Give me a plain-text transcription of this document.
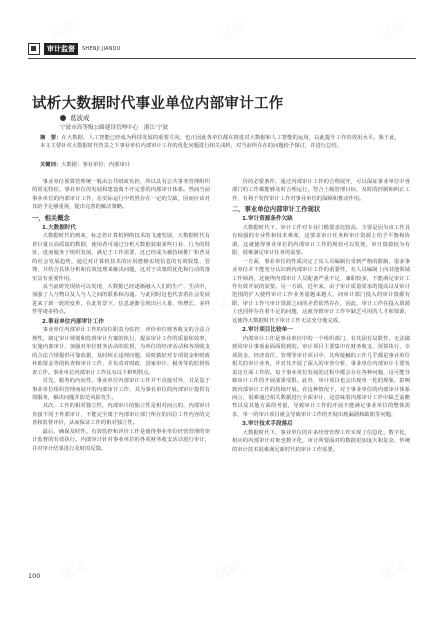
试读	试读	试读
试读	试读	试读
试读	试读	试读
审计监督	SHENJI JIANDU
试析大数据时代事业单位内部审计工作
葛波成
宁波市高等级公路建设管理中心　浙江·宁波
摘　要：在大数据、人工智能已经成为科技发展的重要方向，也正因此各单位都在推进对大数据和人工智能的运用，以此提升工作的效用水平。鉴于此，本文主要针对大数据时代背景之下事业单位内部审计工作的优化问题进行相关浅析，对当前所存在的问题给予探讨，并进行总结。
关键词：大数据；事业单位；内部审计

事业单位预算管理统一般由公共财政负担，所以具有公共事务管理组织的常见特征。事业单位的发展和建设离不开完善的内部审计体系。然而当前事业单位的内部审计工作，在实际运行中仍然存在一定的欠缺，因而应该对其给予足够重视，提出完善的解决策略。

一、相关概念
1.大数据时代

大数据时代的到来，标志着计算机网络技术的飞速发展，大数据时代有着巨量且高质量的数据，使用者可通过分析大数据获取某些行业、行为的特征，进而服务于组织发展，满足于工作需要，这已经成为被持续推广和普及的社会发展趋势。通过对计算机技术的应用能够实现信息的有效收集、管理，并结合具体分析和有效处理来解决问题，这对于决策的优化和行动的落实具有重要作用。

从当前研究现状可以发现，大数据已经逐渐融入人们的生产、生活中，加强了人与物以及人与人之间的联系和沟通。与此同时这也代表着社会发展进来了新一轮的变革，在此背景下，信息逐渐呈现出巨大量、快增长、多样性等诸多特点。

2.事业单位内部审计工作

事业单位内部审计工作的岗位职责为监控、评价单位财务收支的合法合规性，制定审计规划和监督审计方案的执行，提高审计工作的质量和效率，实施内部审计，加强对单位财务活动的监督，为单位的经济活动和各项收支的合法合规提供可靠依据，及时纠正违规问题，同时做好对专项资金和财政补助资金等的检查和审计工作，并负责对财政、国家审计、税务等的监督检查工作。事业单位内部审计工作具有以下鲜明特点。

首先，服务的内向性。事业单位内部审计工作并不直接对外，其是基于事业单位组织管理而展开的内部审计工作，其为事业单位的内部审计提供有效服务，解决问题并防范风险发生。

其次，工作的相对独立性，内部审计的独立性是相对而言的，内部审计直接不同于外部审计，不能完全离于内部审计部门所在的岗位工作内容的完善和监督评价，从而保证工作的相对独立性。

最后，确保及时性。有效监控和评价工作是使得事业单位经营管理的审计监督的有效执行。内部审计针对事业单位的各项财务收支活动进行审计，并对审计结果进行及时的反馈。

价的必要条件，通过内部审计工作的合理展开，可以保证事业单位中各部门的工作都能够及时合理运行，符合上级管理目标，及时的控制和纠正工作，有利于发挥审计工作对事业单位的保障和推动作用。

二、事业单位内部审计工作现状
1.审计资源条件欠缺

大数据时代下，审计工作对专业门槛要求比较高，主要是因为该工作具有较强的专业性和技术难度，这要求审计任务和审计资源上给予平衡和协调，这就使得事业单位的内部审计工作的现状可以发现，审计资源较为有限，很难满足审计任务的需要。

一方面，事业单位的性质决定了其人员编制有受到严格的限制，很多事业单位并不能充分认识到内部审计工作的重要性，在人员编制上向其他领域工作倾斜，这使得内部审计人员配备严重不足，兼职较多，不能满足审计工作有效开展的需要。另一方面，近年来，由于审计质量需求的提高以及审计范围的扩大使得审计工作业务量越来越大，而审计部门投入的审计资源有限，审计工作与审计资源之间的矛盾依然存在，因此，审计工作在投入资源上也同样存在着不足的问题，这就导致审计工作中缺乏可用的人才和资源，这使得大数据时代下审计工作无法充分地完成。

2.审计项目比较单一

内部审计工作是事业单位中的一个组织部门，有其固有局限性，无法做到同审计事项前面面俱到的。审计项目主要集中在财务收支、预算执行、专项资金、经济责任、管理等审计项目中，其所接触的工作几乎都是事业单位相关的审计业务，并对其开展了深入的审查分析，事业单位内部审计主要负责这方面工作的。每个事业单位发展的过程中都会存在各种问题，这可能导致审计工作的开展成果受限。此外，审计项目也会出现单一化的现象，影响到内部审计工作的持续开展。在这种情况下，对于事业单位的内部审计体系而言，很难通过相关数据进行全面审计，这意味着内部审计工作中缺乏前瞻性以及其他方面的考量，导致审计工作的开展不能满足事业单位的整体需求，单一的审计项目就会导致审计工作的开展出现漏洞和缺陷等问题。

3.审计技术手段落后

大数据时代下，事业单位的许多经营管理工作实现了信息化、数字化，相应的内部审计对象也数字化，审计所要面对的数据更加庞大和复杂，传统的审计技术很难满足新时代的审计工作需要。

100
